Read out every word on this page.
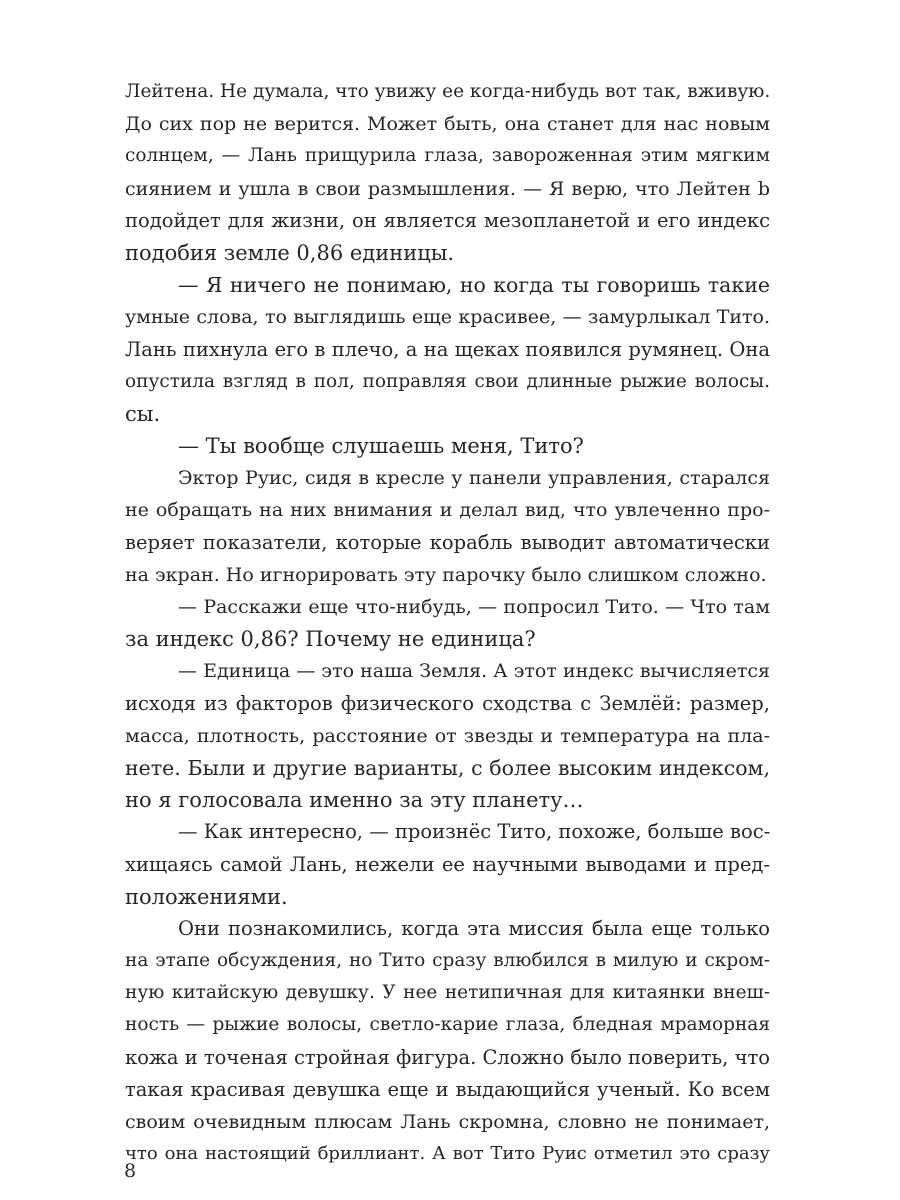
Лейтена. Не думала, что увижу ее когда-нибудь вот так, вживую.
До сих пор не верится. Может быть, она станет для нас новым
солнцем, — Лань прищурила глаза, завороженная этим мягким
сиянием и ушла в свои размышления. — Я верю, что Лейтен b
подойдет для жизни, он является мезопланетой и его индекс
подобия земле 0,86 единицы.
— Я ничего не понимаю, но когда ты говоришь такие
умные слова, то выглядишь еще красивее, — замурлыкал Тито.
Лань пихнула его в плечо, а на щеках появился румянец. Она
опустила взгляд в пол, поправляя свои длинные рыжие волосы.
сы.
— Ты вообще слушаешь меня, Тито?
Эктор Руис, сидя в кресле у панели управления, старался
не обращать на них внимания и делал вид, что увлеченно про-
веряет показатели, которые корабль выводит автоматически
на экран. Но игнорировать эту парочку было слишком сложно.
— Расскажи еще что-нибудь, — попросил Тито. — Что там
за индекс 0,86? Почему не единица?
— Единица — это наша Земля. А этот индекс вычисляется
исходя из факторов физического сходства с Землёй: размер,
масса, плотность, расстояние от звезды и температура на пла-
нете. Были и другие варианты, с более высоким индексом,
но я голосовала именно за эту планету…
— Как интересно, — произнёс Тито, похоже, больше вос-
хищаясь самой Лань, нежели ее научными выводами и пред-
положениями.
Они познакомились, когда эта миссия была еще только
на этапе обсуждения, но Тито сразу влюбился в милую и скром-
ную китайскую девушку. У нее нетипичная для китаянки внеш-
ность — рыжие волосы, светло-карие глаза, бледная мраморная
кожа и точеная стройная фигура. Сложно было поверить, что
такая красивая девушка еще и выдающийся ученый. Ко всем
своим очевидным плюсам Лань скромна, словно не понимает,
что она настоящий бриллиант. А вот Тито Руис отметил это сразу
8
